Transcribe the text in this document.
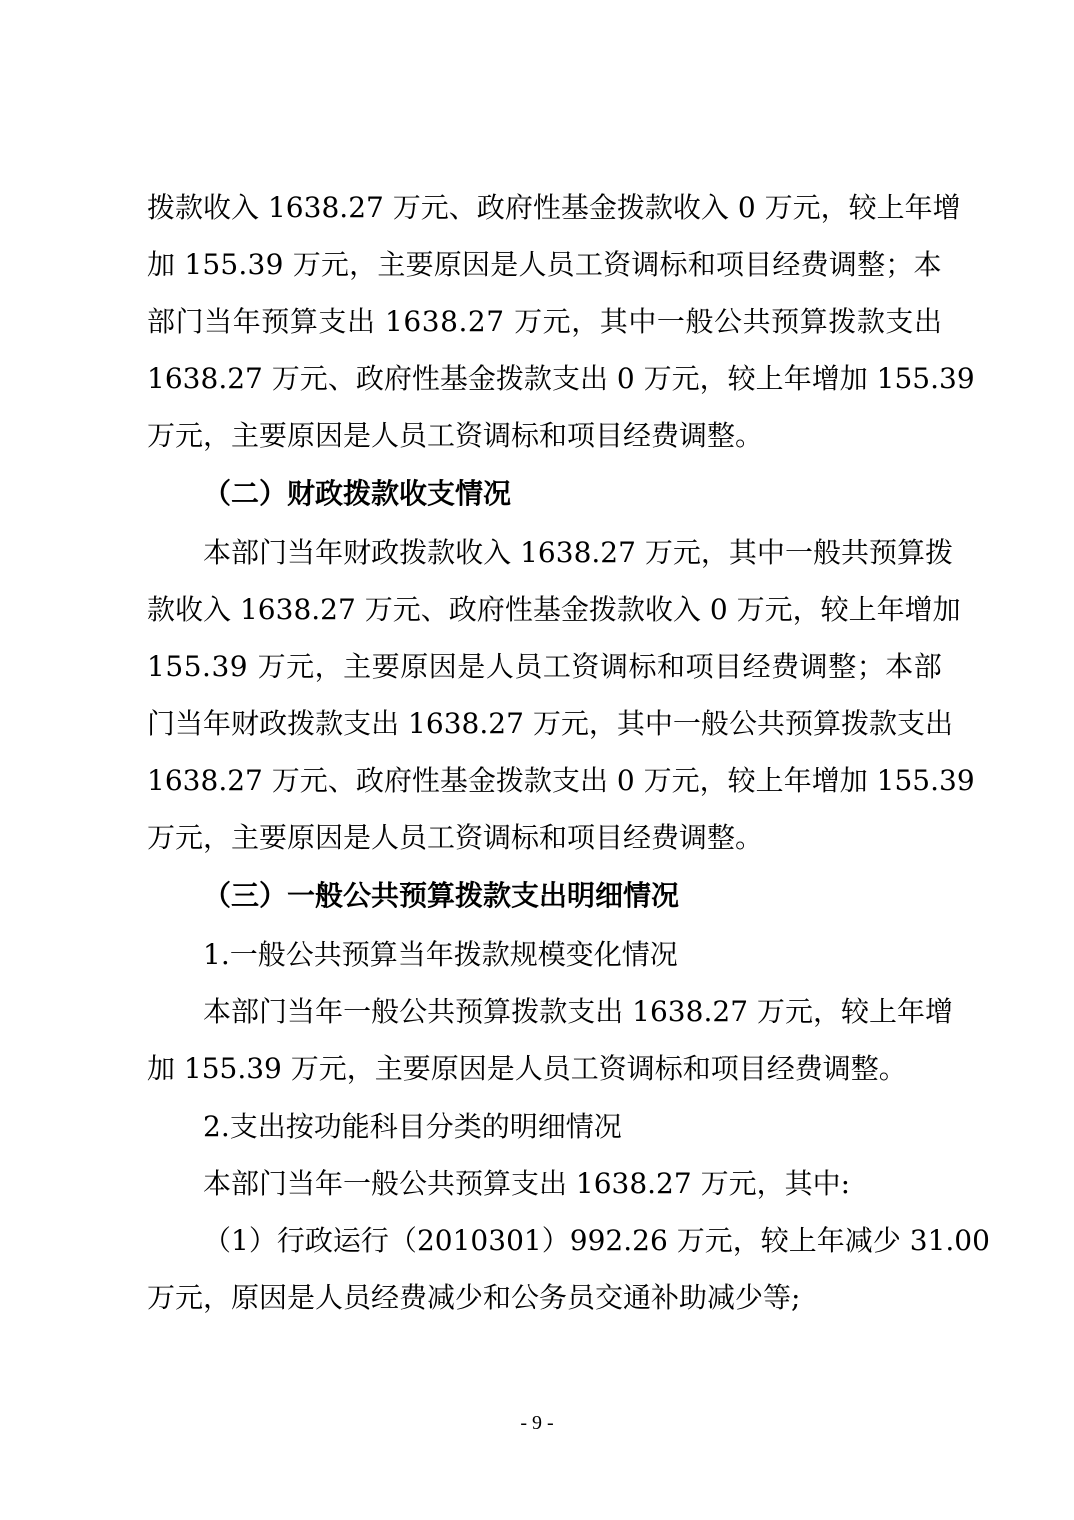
拨 款 收 入
1 6 3 8 . 2 7
万 元 、 政 府 性 基 金 拨 款 收 入
0
万 元 ， 较 上 年 增
加
1 5 5 . 3 9
万 元 ， 主 要 原 因 是 人 员 工 资 调 标 和 项 目 经 费 调 整 ； 本
部 门 当 年 预 算 支 出
1 6 3 8 . 2 7
万 元 ， 其 中 一 般 公 共 预 算 拨 款 支 出
1 6 3 8 . 2 7
万 元 、 政 府 性 基 金 拨 款 支 出
0
万 元 ， 较 上 年 增 加
1 5 5 . 3 9
万元，主要原因是人员工资调标和项目经费调整。
（二）财政拨款收支情况
本 部 门 当 年 财 政 拨 款 收 入
1 6 3 8 . 2 7
万 元 ， 其 中 一 般 共 预 算 拨
款 收 入
1 6 3 8 . 2 7
万 元 、 政 府 性 基 金 拨 款 收 入
0
万 元 ， 较 上 年 增 加
1 5 5 . 3 9
万 元 ， 主 要 原 因 是 人 员 工 资 调 标 和 项 目 经 费 调 整 ； 本 部
门 当 年 财 政 拨 款 支 出
1 6 3 8 . 2 7
万 元 ， 其 中 一 般 公 共 预 算 拨 款 支 出
1 6 3 8 . 2 7
万 元 、 政 府 性 基 金 拨 款 支 出
0
万 元 ， 较 上 年 增 加
1 5 5 . 3 9
万元，主要原因是人员工资调标和项目经费调整。
（三）一般公共预算拨款支出明细情况
1.一般公共预算当年拨款规模变化情况
本 部 门 当 年 一 般 公 共 预 算 拨 款 支 出
1 6 3 8 . 2 7
万 元 ， 较 上 年 增
加 155.39 万元，主要原因是人员工资调标和项目经费调整。
2.支出按功能科目分类的明细情况
本部门当年一般公共预算支出 1638.27 万元，其中:
（ 1 ） 行 政 运 行 （ 2 0 1 0 3 0 1 ） 9 9 2 . 2 6
万 元 ， 较 上 年 减 少
3 1 . 0 0
万元，原因是人员经费减少和公务员交通补助减少等;
- 9 -
